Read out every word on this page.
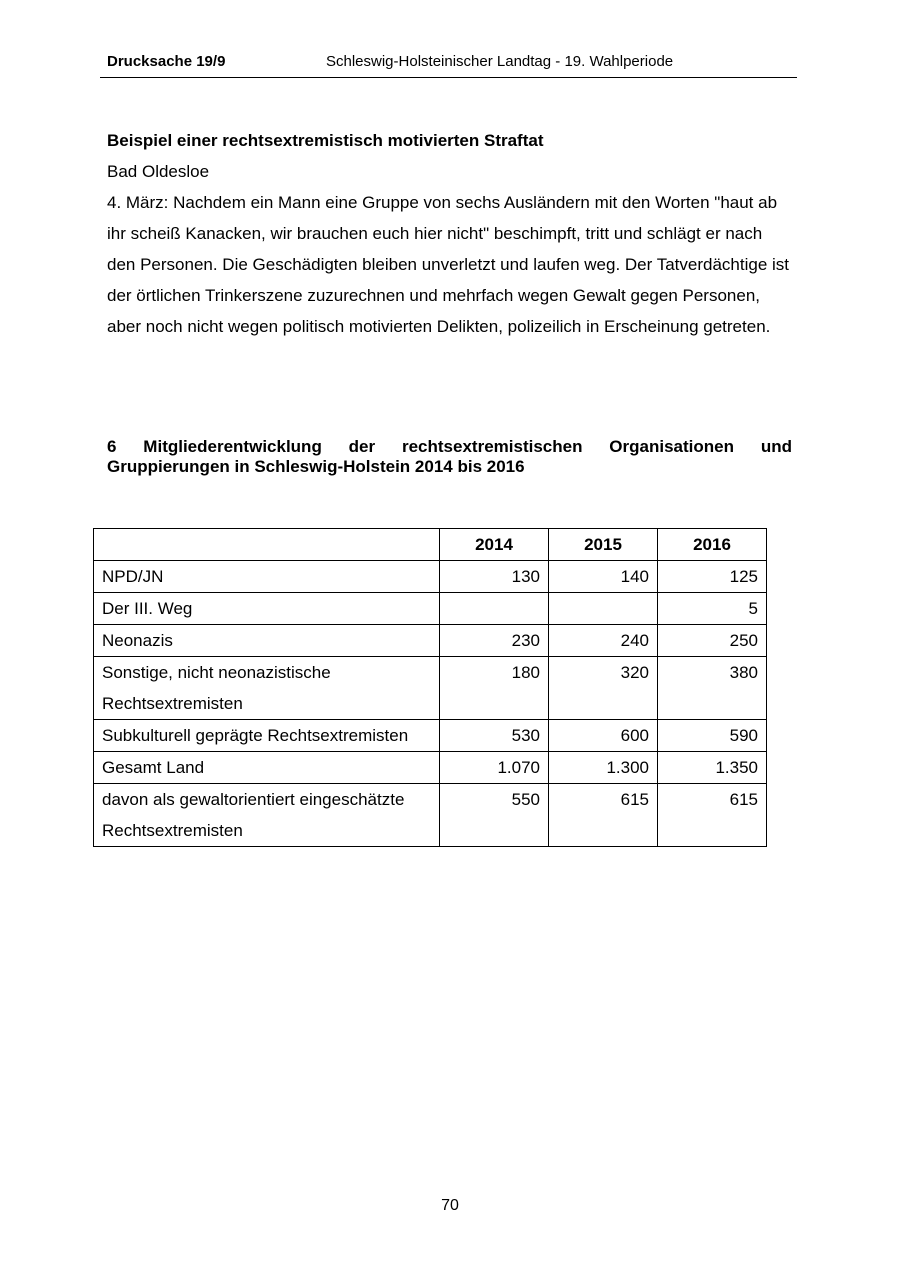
Drucksache 19/9	Schleswig-Holsteinischer Landtag - 19. Wahlperiode

Beispiel einer rechtsextremistisch motivierten Straftat

Bad Oldesloe

4. März: Nachdem ein Mann eine Gruppe von sechs Ausländern mit den Worten "haut ab ihr scheiß Kanacken, wir brauchen euch hier nicht" beschimpft, tritt und schlägt er nach den Personen. Die Geschädigten bleiben unverletzt und laufen weg. Der Tatverdächtige ist der örtlichen Trinkerszene zuzurechnen und mehrfach wegen Gewalt gegen Personen, aber noch nicht wegen politisch motivierten Delikten, polizeilich in Erscheinung getreten.

6 Mitgliederentwicklung der rechtsextremistischen Organisationen und Gruppierungen in Schleswig-Holstein 2014 bis 2016
	2014	2015	2016
NPD/JN	130	140	125
Der III. Weg			5
Neonazis	230	240	250
Sonstige, nicht neonazistische Rechtsextremisten	180	320	380
Subkulturell geprägte Rechtsextremisten	530	600	590
Gesamt Land	1.070	1.300	1.350
davon als gewaltorientiert eingeschätzte Rechtsextremisten	550	615	615
70
